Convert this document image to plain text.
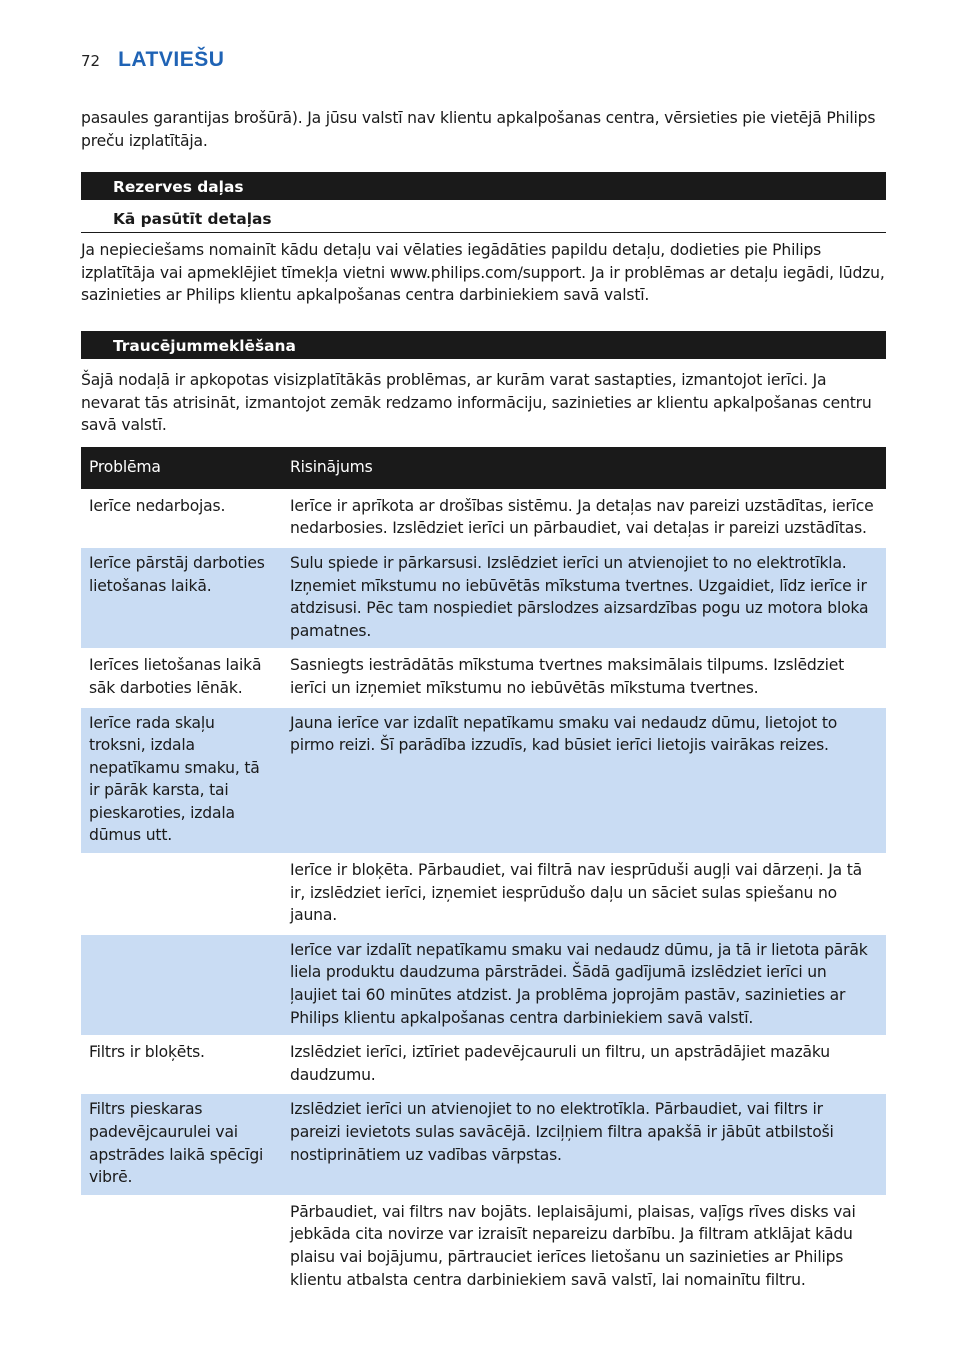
72 LATVIEŠU

pasaules garantijas brošūrā). Ja jūsu valstī nav klientu apkalpošanas centra, vērsieties pie vietējā Philips preču izplatītāja.

Rezerves daļas
Kā pasūtīt detaļas

Ja nepieciešams nomainīt kādu detaļu vai vēlaties iegādāties papildu detaļu, dodieties pie Philips izplatītāja vai apmeklējiet tīmekļa vietni www.philips.com/support. Ja ir problēmas ar detaļu iegādi, lūdzu, sazinieties ar Philips klientu apkalpošanas centra darbiniekiem savā valstī.

Traucējummeklēšana

Šajā nodaļā ir apkopotas visizplatītākās problēmas, ar kurām varat sastapties, izmantojot ierīci. Ja nevarat tās atrisināt, izmantojot zemāk redzamo informāciju, sazinieties ar klientu apkalpošanas centru savā valstī.

Problēma	Risinājums
Ierīce nedarbojas.	Ierīce ir aprīkota ar drošības sistēmu. Ja detaļas nav pareizi uzstādītas, ierīce nedarbosies. Izslēdziet ierīci un pārbaudiet, vai detaļas ir pareizi uzstādītas.
Ierīce pārstāj darboties lietošanas laikā.	Sulu spiede ir pārkarsusi. Izslēdziet ierīci un atvienojiet to no elektrotīkla. Izņemiet mīkstumu no iebūvētās mīkstuma tvertnes. Uzgaidiet, līdz ierīce ir atdzisusi. Pēc tam nospiediet pārslodzes aizsardzības pogu uz motora bloka pamatnes.
Ierīces lietošanas laikā sāk darboties lēnāk.	Sasniegts iestrādātās mīkstuma tvertnes maksimālais tilpums. Izslēdziet ierīci un izņemiet mīkstumu no iebūvētās mīkstuma tvertnes.
Ierīce rada skaļu troksni, izdala nepatīkamu smaku, tā ir pārāk karsta, tai pieskaroties, izdala dūmus utt.	Jauna ierīce var izdalīt nepatīkamu smaku vai nedaudz dūmu, lietojot to pirmo reizi. Šī parādība izzudīs, kad būsiet ierīci lietojis vairākas reizes.
	Ierīce ir bloķēta. Pārbaudiet, vai filtrā nav iesprūduši augļi vai dārzeņi. Ja tā ir, izslēdziet ierīci, izņemiet iesprūdušo daļu un sāciet sulas spiešanu no jauna.
	Ierīce var izdalīt nepatīkamu smaku vai nedaudz dūmu, ja tā ir lietota pārāk liela produktu daudzuma pārstrādei. Šādā gadījumā izslēdziet ierīci un ļaujiet tai 60 minūtes atdzist. Ja problēma joprojām pastāv, sazinieties ar Philips klientu apkalpošanas centra darbiniekiem savā valstī.
Filtrs ir bloķēts.	Izslēdziet ierīci, iztīriet padevējcauruli un filtru, un apstrādājiet mazāku daudzumu.
Filtrs pieskaras padevējcaurulei vai apstrādes laikā spēcīgi vibrē.	Izslēdziet ierīci un atvienojiet to no elektrotīkla. Pārbaudiet, vai filtrs ir pareizi ievietots sulas savācējā. Izciļņiem filtra apakšā ir jābūt atbilstoši nostiprinātiem uz vadības vārpstas.
	Pārbaudiet, vai filtrs nav bojāts. Ieplaisājumi, plaisas, vaļīgs rīves disks vai jebkāda cita novirze var izraisīt nepareizu darbību. Ja filtram atklājat kādu plaisu vai bojājumu, pārtrauciet ierīces lietošanu un sazinieties ar Philips klientu atbalsta centra darbiniekiem savā valstī, lai nomainītu filtru.
